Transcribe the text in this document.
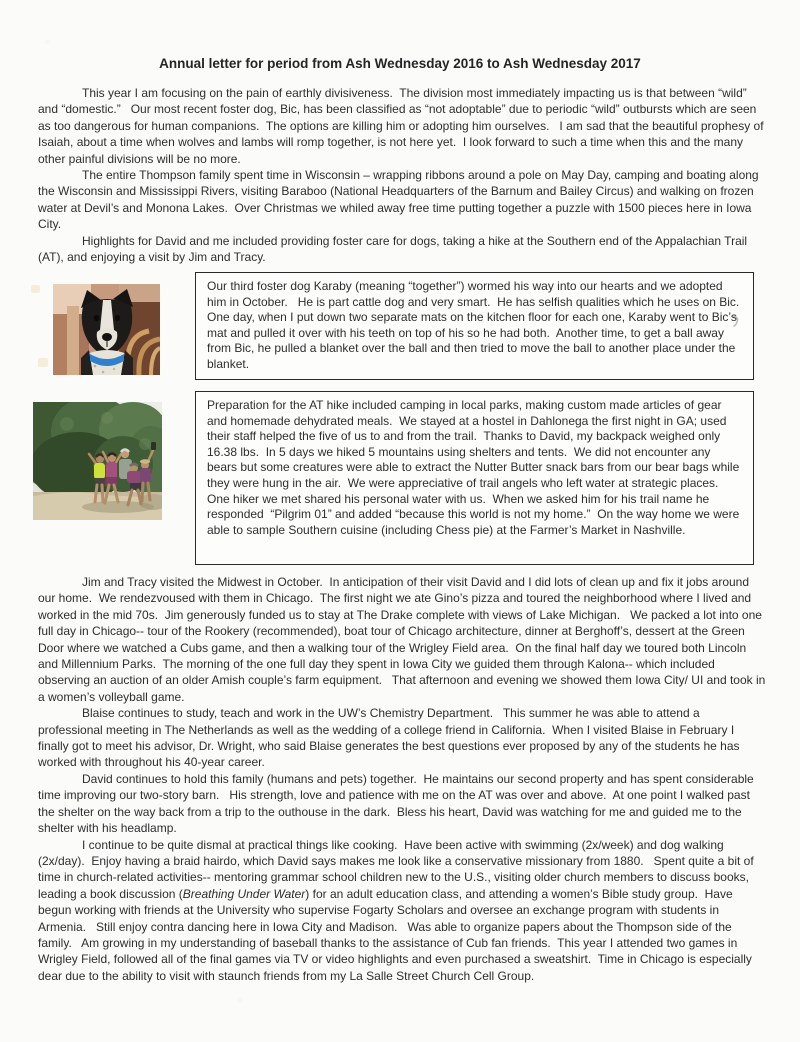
Annual letter for period from Ash Wednesday 2016 to Ash Wednesday 2017

This year I am focusing on the pain of earthly divisiveness.  The division most immediately impacting us is that between “wild” and “domestic.”   Our most recent foster dog, Bic, has been classified as “not adoptable” due to periodic “wild” outbursts which are seen as too dangerous for human companions.  The options are killing him or adopting him ourselves.   I am sad that the beautiful prophesy of Isaiah, about a time when wolves and lambs will romp together, is not here yet.  I look forward to such a time when this and the many other painful divisions will be no more.

The entire Thompson family spent time in Wisconsin – wrapping ribbons around a pole on May Day, camping and boating along the Wisconsin and Mississippi Rivers, visiting Baraboo (National Headquarters of the Barnum and Bailey Circus) and walking on frozen water at Devil’s and Monona Lakes.  Over Christmas we whiled away free time putting together a puzzle with 1500 pieces here in Iowa City.

Highlights for David and me included providing foster care for dogs, taking a hike at the Southern end of the Appalachian Trail (AT), and enjoying a visit by Jim and Tracy.

Our third foster dog Karaby (meaning “together”) wormed his way into our hearts and we adopted him in October.   He is part cattle dog and very smart.  He has selfish qualities which he uses on Bic.  One day, when I put down two separate mats on the kitchen floor for each one, Karaby went to Bic’s mat and pulled it over with his teeth on top of his so he had both.  Another time, to get a ball away from Bic, he pulled a blanket over the ball and then tried to move the ball to another place under the blanket.
Preparation for the AT hike included camping in local parks, making custom made articles of gear and homemade dehydrated meals.  We stayed at a hostel in Dahlonega the first night in GA; used their staff helped the five of us to and from the trail.  Thanks to David, my backpack weighed only 16.38 lbs.  In 5 days we hiked 5 mountains using shelters and tents.  We did not encounter any bears but some creatures were able to extract the Nutter Butter snack bars from our bear bags while they were hung in the air.  We were appreciative of trail angels who left water at strategic places.   One hiker we met shared his personal water with us.  When we asked him for his trail name he responded  “Pilgrim 01” and added “because this world is not my home.”  On the way home we were able to sample Southern cuisine (including Chess pie) at the Farmer’s Market in Nashville.

Jim and Tracy visited the Midwest in October.  In anticipation of their visit David and I did lots of clean up and fix it jobs around our home.  We rendezvoused with them in Chicago.  The first night we ate Gino’s pizza and toured the neighborhood where I lived and worked in the mid 70s.  Jim generously funded us to stay at The Drake complete with views of Lake Michigan.   We packed a lot into one full day in Chicago-- tour of the Rookery (recommended), boat tour of Chicago architecture, dinner at Berghoff’s, dessert at the Green Door where we watched a Cubs game, and then a walking tour of the Wrigley Field area.  On the final half day we toured both Lincoln and Millennium Parks.  The morning of the one full day they spent in Iowa City we guided them through Kalona-- which included observing an auction of an older Amish couple’s farm equipment.   That afternoon and evening we showed them Iowa City/ UI and took in a women’s volleyball game.

Blaise continues to study, teach and work in the UW’s Chemistry Department.   This summer he was able to attend a professional meeting in The Netherlands as well as the wedding of a college friend in California.  When I visited Blaise in February I finally got to meet his advisor, Dr. Wright, who said Blaise generates the best questions ever proposed by any of the students he has worked with throughout his 40-year career.

David continues to hold this family (humans and pets) together.  He maintains our second property and has spent considerable time improving our two-story barn.   His strength, love and patience with me on the AT was over and above.  At one point I walked past the shelter on the way back from a trip to the outhouse in the dark.  Bless his heart, David was watching for me and guided me to the shelter with his headlamp.

I continue to be quite dismal at practical things like cooking.  Have been active with swimming (2x/week) and dog walking (2x/day).  Enjoy having a braid hairdo, which David says makes me look like a conservative missionary from 1880.   Spent quite a bit of time in church-related activities-- mentoring grammar school children new to the U.S., visiting older church members to discuss books, leading a book discussion (Breathing Under Water) for an adult education class, and attending a women’s Bible study group.  Have begun working with friends at the University who supervise Fogarty Scholars and oversee an exchange program with students in Armenia.   Still enjoy contra dancing here in Iowa City and Madison.   Was able to organize papers about the Thompson side of the family.   Am growing in my understanding of baseball thanks to the assistance of Cub fan friends.  This year I attended two games in Wrigley Field, followed all of the final games via TV or video highlights and even purchased a sweatshirt.  Time in Chicago is especially dear due to the ability to visit with staunch friends from my La Salle Street Church Cell Group.
